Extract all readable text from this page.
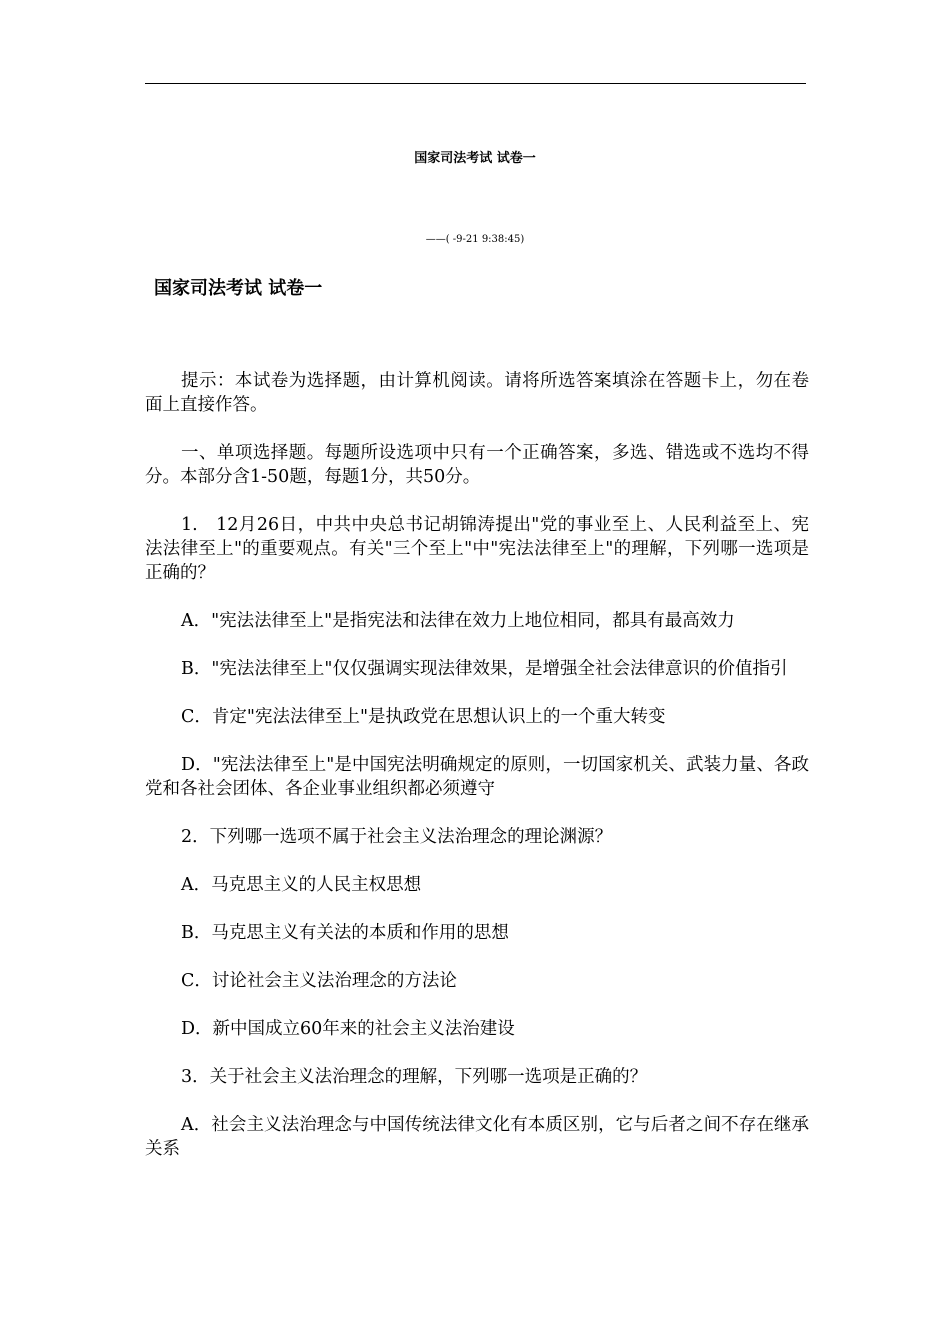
国家司法考试 试卷一
——( -9-21 9:38:45)
国家司法考试 试卷一

提示：本试卷为选择题，由计算机阅读。请将所选答案填涂在答题卡上，勿在卷面上直接作答。

一、单项选择题。每题所设选项中只有一个正确答案，多选、错选或不选均不得分。本部分含1-50题，每题1分，共50分。

1.　12月26日，中共中央总书记胡锦涛提出"党的事业至上、人民利益至上、宪法法律至上"的重要观点。有关"三个至上"中"宪法法律至上"的理解，下列哪一选项是正确的？

A．"宪法法律至上"是指宪法和法律在效力上地位相同，都具有最高效力

B．"宪法法律至上"仅仅强调实现法律效果，是增强全社会法律意识的价值指引

C．肯定"宪法法律至上"是执政党在思想认识上的一个重大转变

D．"宪法法律至上"是中国宪法明确规定的原则，一切国家机关、武装力量、各政党和各社会团体、各企业事业组织都必须遵守

2．下列哪一选项不属于社会主义法治理念的理论渊源？

A．马克思主义的人民主权思想

B．马克思主义有关法的本质和作用的思想

C．讨论社会主义法治理念的方法论

D．新中国成立60年来的社会主义法治建设

3．关于社会主义法治理念的理解，下列哪一选项是正确的？

A．社会主义法治理念与中国传统法律文化有本质区别，它与后者之间不存在继承关系
